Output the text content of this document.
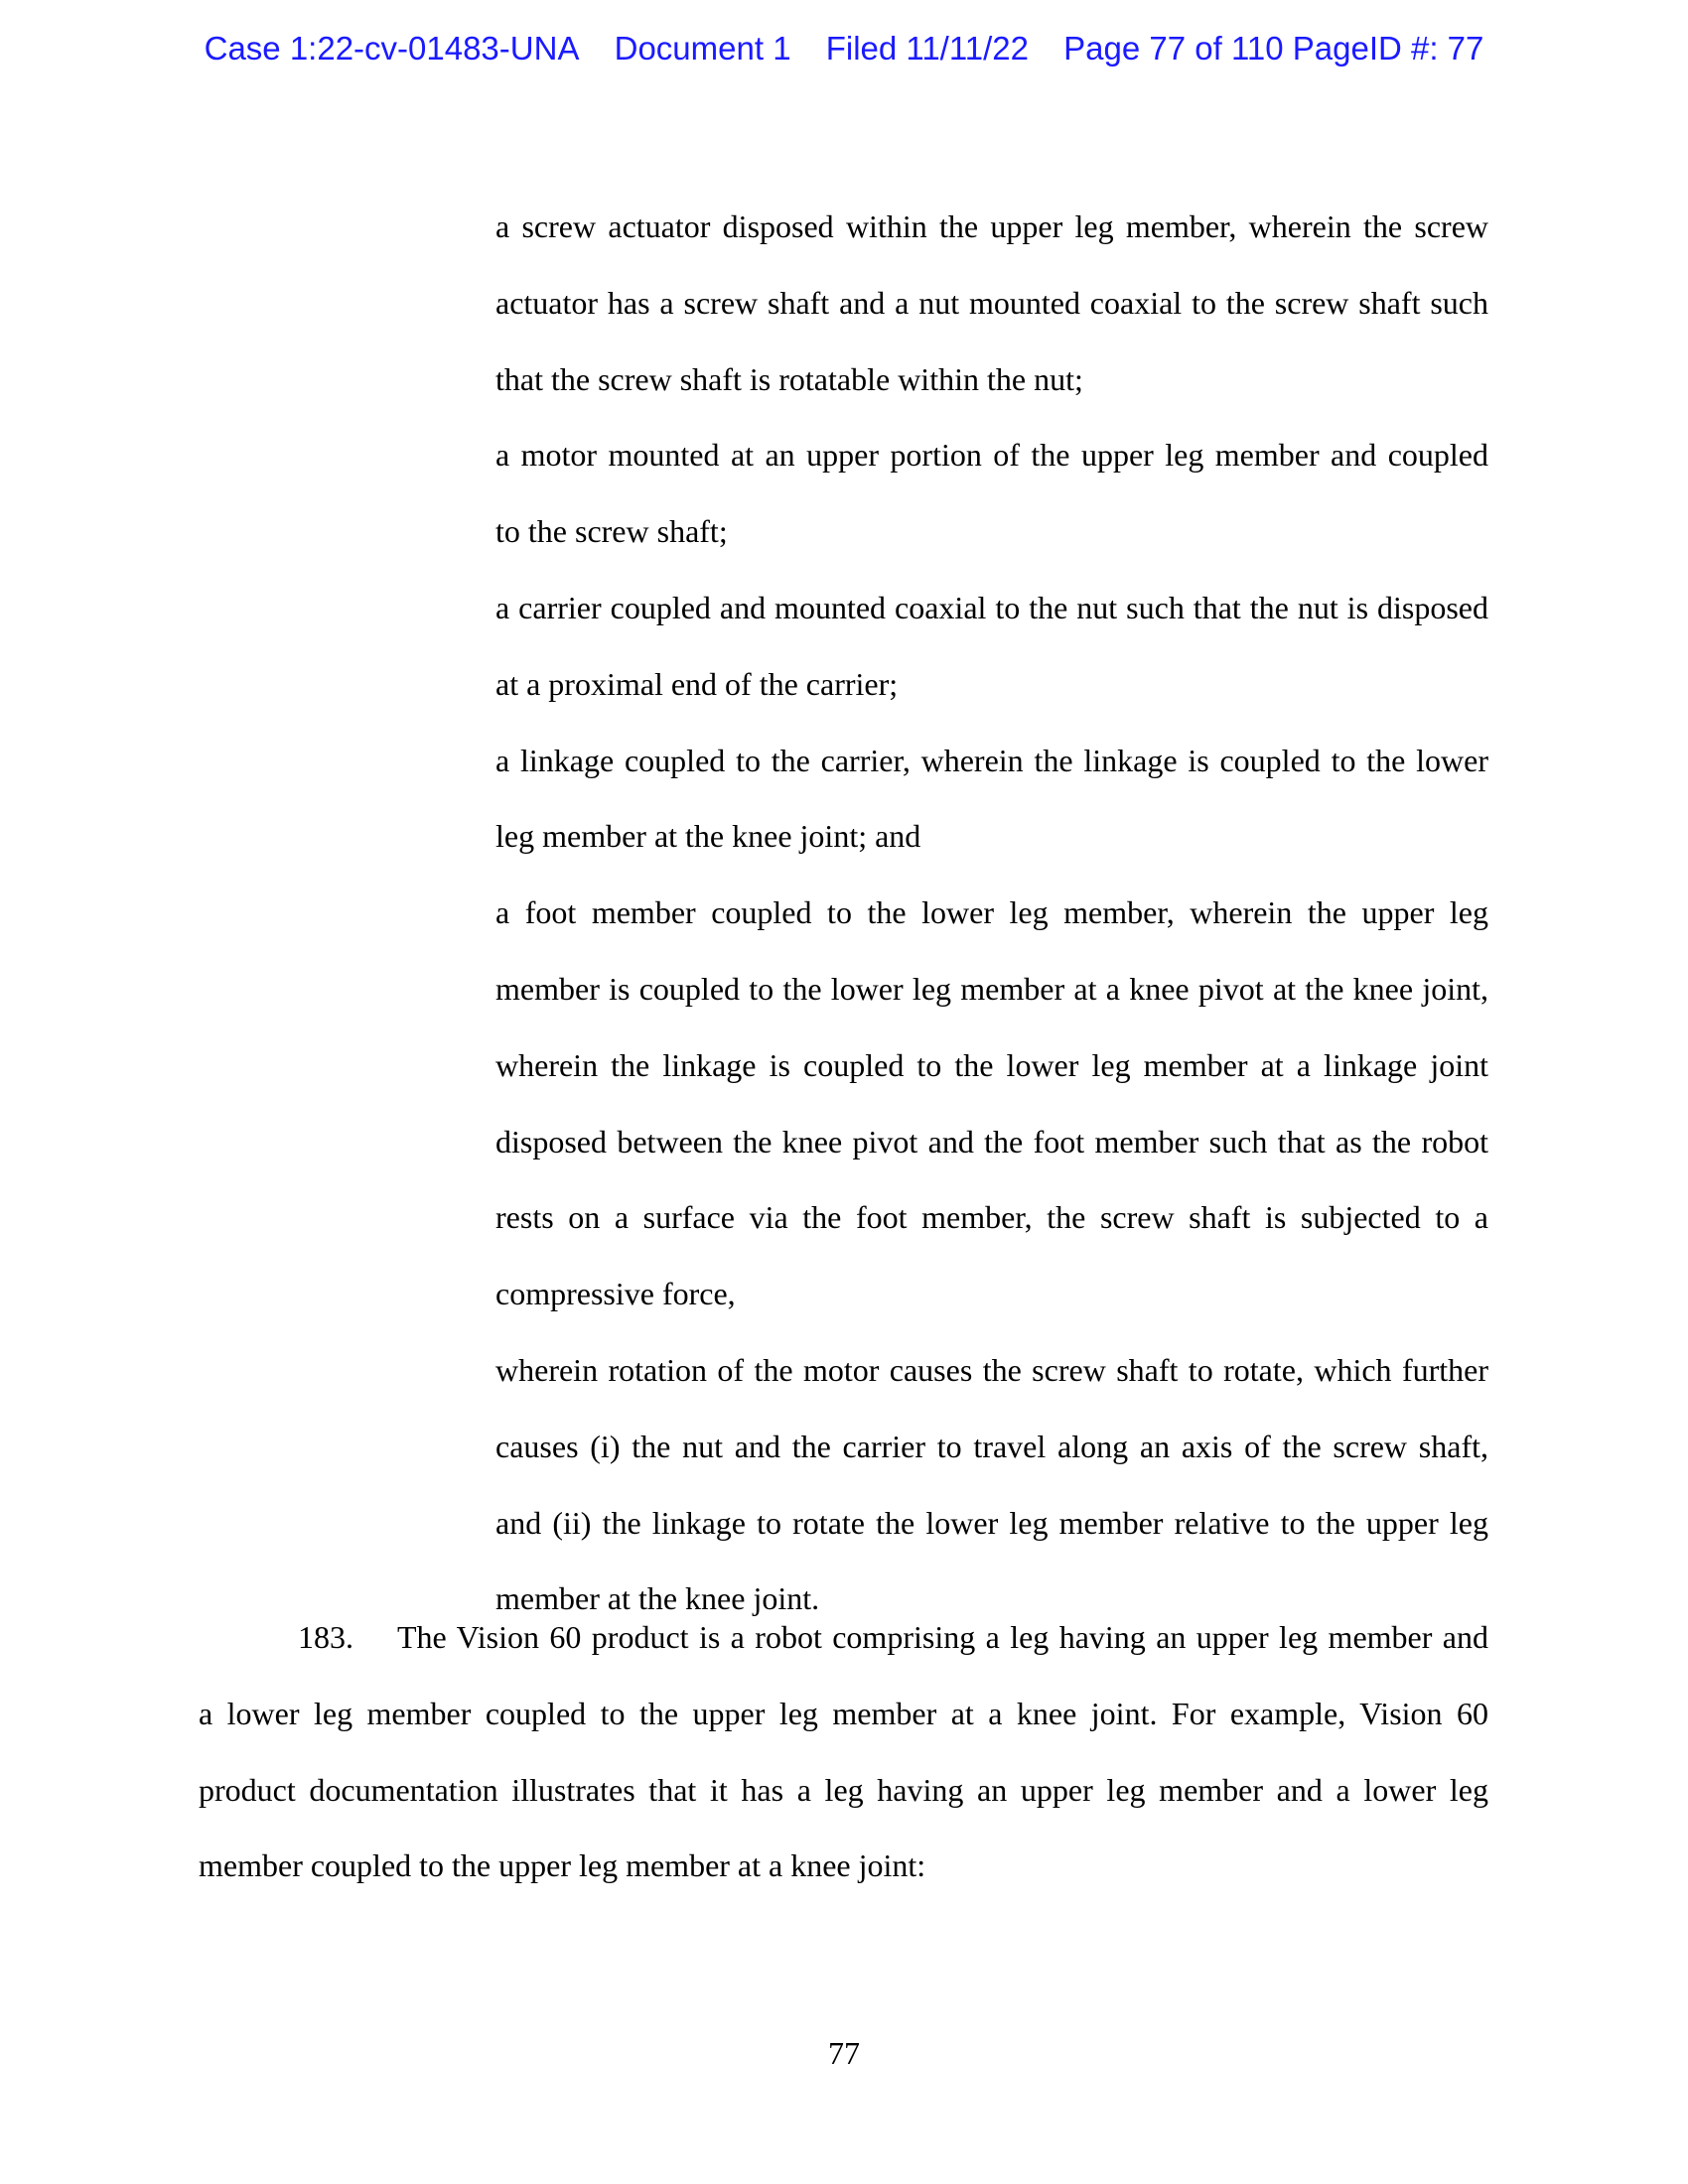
Case 1:22-cv-01483-UNA Document 1 Filed 11/11/22 Page 77 of 110 PageID #: 77
a screw actuator disposed within the upper leg member, wherein the screw
actuator has a screw shaft and a nut mounted coaxial to the screw shaft such
that the screw shaft is rotatable within the nut;
a motor mounted at an upper portion of the upper leg member and coupled
to the screw shaft;
a carrier coupled and mounted coaxial to the nut such that the nut is disposed
at a proximal end of the carrier;
a linkage coupled to the carrier, wherein the linkage is coupled to the lower
leg member at the knee joint; and
a foot member coupled to the lower leg member, wherein the upper leg
member is coupled to the lower leg member at a knee pivot at the knee joint,
wherein the linkage is coupled to the lower leg member at a linkage joint
disposed between the knee pivot and the foot member such that as the robot
rests on a surface via the foot member, the screw shaft is subjected to a
compressive force,
wherein rotation of the motor causes the screw shaft to rotate, which further
causes (i) the nut and the carrier to travel along an axis of the screw shaft,
and (ii) the linkage to rotate the lower leg member relative to the upper leg
member at the knee joint.
183.	The Vision 60 product is a robot comprising a leg having an upper leg member and
a lower leg member coupled to the upper leg member at a knee joint. For example, Vision 60
product documentation illustrates that it has a leg having an upper leg member and a lower leg
member coupled to the upper leg member at a knee joint:
77
